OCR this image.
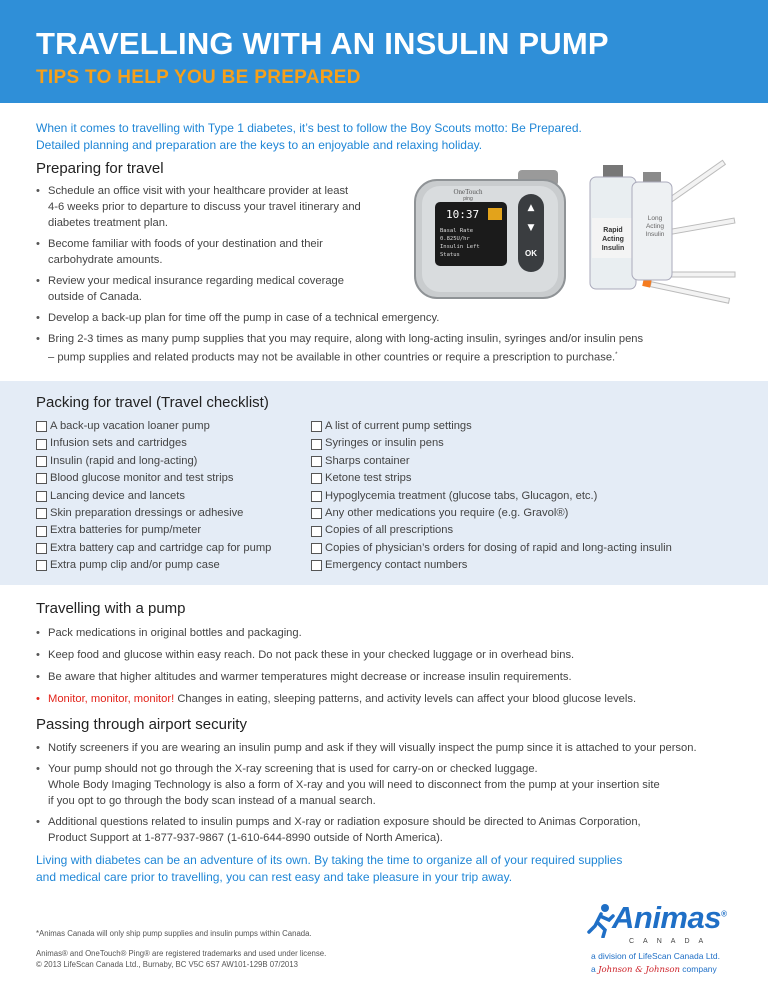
TRAVELLING WITH AN INSULIN PUMP
TIPS TO HELP YOU BE PREPARED
When it comes to travelling with Type 1 diabetes, it’s best to follow the Boy Scouts motto: Be Prepared.
Detailed planning and preparation are the keys to an enjoyable and relaxing holiday.
Preparing for travel
• Schedule an office visit with your healthcare provider at least
4-6 weeks prior to departure to discuss your travel itinerary and
diabetes treatment plan.
• Become familiar with foods of your destination and their
carbohydrate amounts.
• Review your medical insurance regarding medical coverage
outside of Canada.
• Develop a back-up plan for time off the pump in case of a technical emergency.
• Bring 2-3 times as many pump supplies that you may require, along with long-acting insulin, syringes and/or insulin pens
– pump supplies and related products may not be available in other countries or require a prescription to purchase.*
Rapid
Acting
Insulin
Long
Acting
Insulin
OneTouch
ping
10:37
Basal Rate
0.825U/hr
Insulin Left
Status
▲
▼
OK
Packing for travel (Travel checklist)
A back-up vacation loaner pump
Infusion sets and cartridges
Insulin (rapid and long-acting)
Blood glucose monitor and test strips
Lancing device and lancets
Skin preparation dressings or adhesive
Extra batteries for pump/meter
Extra battery cap and cartridge cap for pump
Extra pump clip and/or pump case
A list of current pump settings
Syringes or insulin pens
Sharps container
Ketone test strips
Hypoglycemia treatment (glucose tabs, Glucagon, etc.)
Any other medications you require (e.g. Gravol®)
Copies of all prescriptions
Copies of physician’s orders for dosing of rapid and long-acting insulin
Emergency contact numbers
Travelling with a pump
• Pack medications in original bottles and packaging.
• Keep food and glucose within easy reach. Do not pack these in your checked luggage or in overhead bins.
• Be aware that higher altitudes and warmer temperatures might decrease or increase insulin requirements.
• Monitor, monitor, monitor! Changes in eating, sleeping patterns, and activity levels can affect your blood glucose levels.
Passing through airport security
• Notify screeners if you are wearing an insulin pump and ask if they will visually inspect the pump since it is attached to your person.
• Your pump should not go through the X-ray screening that is used for carry-on or checked luggage.
Whole Body Imaging Technology is also a form of X-ray and you will need to disconnect from the pump at your insertion site
if you opt to go through the body scan instead of a manual search.
• Additional questions related to insulin pumps and X-ray or radiation exposure should be directed to Animas Corporation,
Product Support at 1-877-937-9867 (1-610-644-8990 outside of North America).
Living with diabetes can be an adventure of its own. By taking the time to organize all of your required supplies
and medical care prior to travelling, you can rest easy and take pleasure in your trip away.
*Animas Canada will only ship pump supplies and insulin pumps within Canada.
Animas® and OneTouch® Ping® are registered trademarks and used under license.
© 2013 LifeScan Canada Ltd., Burnaby, BC V5C 6S7 AW101-129B 07/2013
Animas®
CANADA
a division of LifeScan Canada Ltd.
a Johnson & Johnson company
